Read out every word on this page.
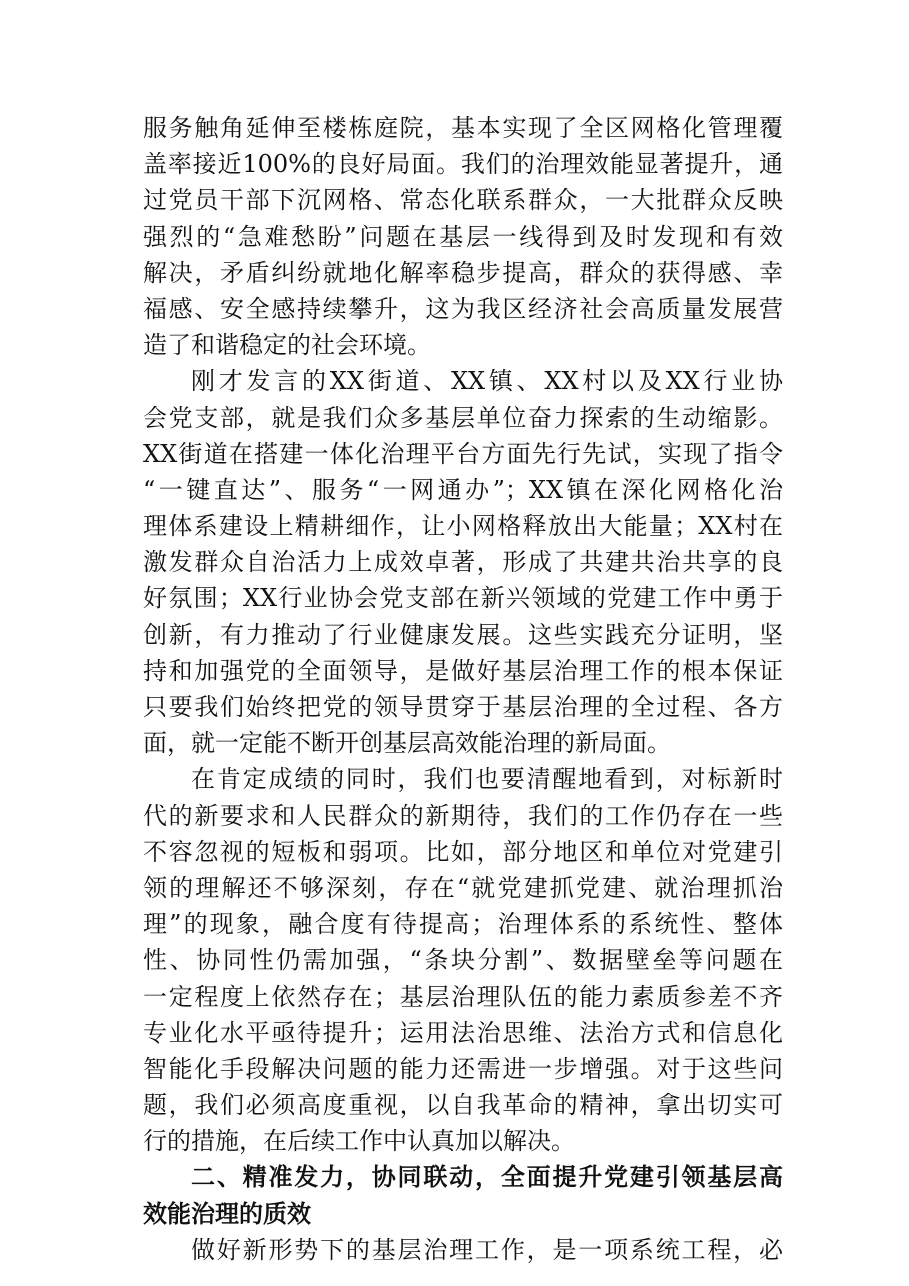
服务触角延伸至楼栋庭院，基本实现了全区网格化管理覆
盖率接近100%的良好局面。我们的治理效能显著提升，通
过党员干部下沉网格、常态化联系群众，一大批群众反映
强烈的“急难愁盼”问题在基层一线得到及时发现和有效
解决，矛盾纠纷就地化解率稳步提高，群众的获得感、幸
福感、安全感持续攀升，这为我区经济社会高质量发展营
造了和谐稳定的社会环境。
刚才发言的XX街道、XX镇、XX村以及XX行业协
会党支部，就是我们众多基层单位奋力探索的生动缩影。
XX街道在搭建一体化治理平台方面先行先试，实现了指令
“一键直达”、服务“一网通办”；XX镇在深化网格化治
理体系建设上精耕细作，让小网格释放出大能量；XX村在
激发群众自治活力上成效卓著，形成了共建共治共享的良
好氛围；XX行业协会党支部在新兴领域的党建工作中勇于
创新，有力推动了行业健康发展。这些实践充分证明，坚
持和加强党的全面领导，是做好基层治理工作的根本保证
只要我们始终把党的领导贯穿于基层治理的全过程、各方
面，就一定能不断开创基层高效能治理的新局面。
在肯定成绩的同时，我们也要清醒地看到，对标新时
代的新要求和人民群众的新期待，我们的工作仍存在一些
不容忽视的短板和弱项。比如，部分地区和单位对党建引
领的理解还不够深刻，存在“就党建抓党建、就治理抓治
理”的现象，融合度有待提高；治理体系的系统性、整体
性、协同性仍需加强，“条块分割”、数据壁垒等问题在
一定程度上依然存在；基层治理队伍的能力素质参差不齐
专业化水平亟待提升；运用法治思维、法治方式和信息化
智能化手段解决问题的能力还需进一步增强。对于这些问
题，我们必须高度重视，以自我革命的精神，拿出切实可
行的措施，在后续工作中认真加以解决。
二、精准发力，协同联动，全面提升党建引领基层高
效能治理的质效
做好新形势下的基层治理工作，是一项系统工程，必
